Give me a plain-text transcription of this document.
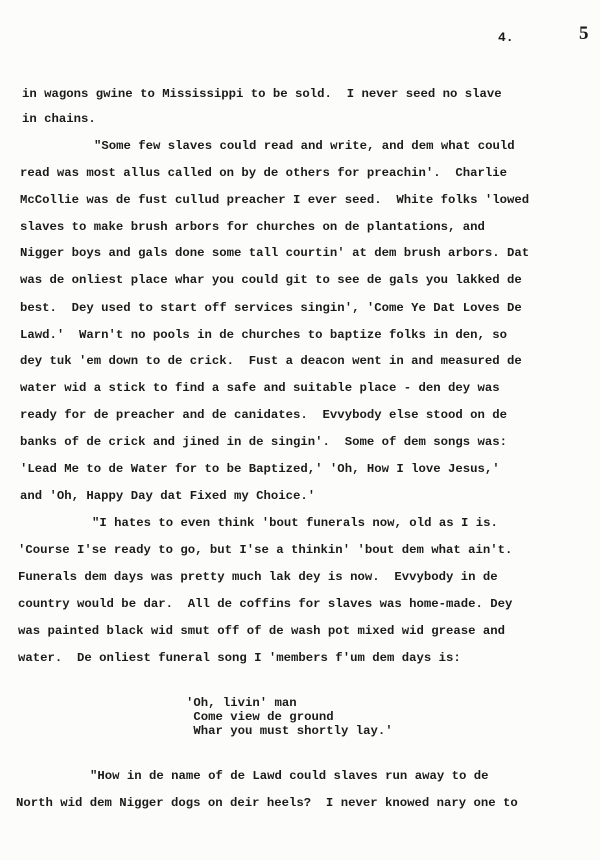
4.	5
in wagons gwine to Mississippi to be sold.  I never seed no slave
in chains.
"Some few slaves could read and write, and dem what could
read was most allus called on by de others for preachin'.  Charlie
McCollie was de fust cullud preacher I ever seed.  White folks 'lowed
slaves to make brush arbors for churches on de plantations, and
Nigger boys and gals done some tall courtin' at dem brush arbors. Dat
was de onliest place whar you could git to see de gals you lakked de
best.  Dey used to start off services singin', 'Come Ye Dat Loves De
Lawd.'  Warn't no pools in de churches to baptize folks in den, so
dey tuk 'em down to de crick.  Fust a deacon went in and measured de
water wid a stick to find a safe and suitable place - den dey was
ready for de preacher and de canidates.  Evvybody else stood on de
banks of de crick and jined in de singin'.  Some of dem songs was:
'Lead Me to de Water for to be Baptized,' 'Oh, How I love Jesus,'
and 'Oh, Happy Day dat Fixed my Choice.'
"I hates to even think 'bout funerals now, old as I is.
'Course I'se ready to go, but I'se a thinkin' 'bout dem what ain't.
Funerals dem days was pretty much lak dey is now.  Evvybody in de
country would be dar.  All de coffins for slaves was home-made. Dey
was painted black wid smut off of de wash pot mixed wid grease and
water.  De onliest funeral song I 'members f'um dem days is:
'Oh, livin' man
Come view de ground
Whar you must shortly lay.'
"How in de name of de Lawd could slaves run away to de
North wid dem Nigger dogs on deir heels?  I never knowed nary one to
